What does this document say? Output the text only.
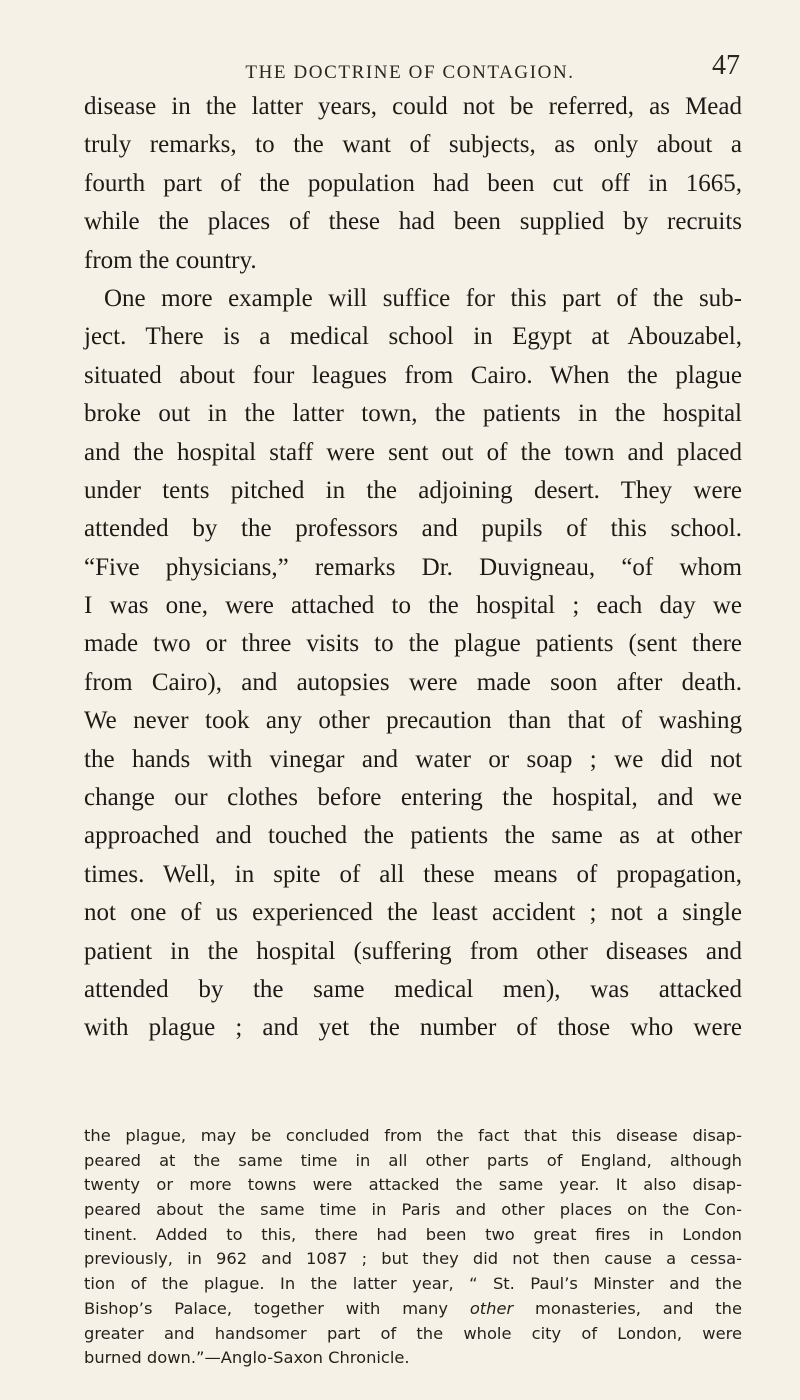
THE DOCTRINE OF CONTAGION.	47
disease in the latter years, could not be referred, as Mead
truly remarks, to the want of subjects, as only about a
fourth part of the population had been cut off in 1665,
while the places of these had been supplied by recruits
from the country.
One more example will suffice for this part of the sub-
ject. There is a medical school in Egypt at Abouzabel,
situated about four leagues from Cairo. When the plague
broke out in the latter town, the patients in the hospital
and the hospital staff were sent out of the town and placed
under tents pitched in the adjoining desert. They were
attended by the professors and pupils of this school.
“Five physicians,” remarks Dr. Duvigneau, “of whom
I was one, were attached to the hospital ; each day we
made two or three visits to the plague patients (sent there
from Cairo), and autopsies were made soon after death.
We never took any other precaution than that of washing
the hands with vinegar and water or soap ; we did not
change our clothes before entering the hospital, and we
approached and touched the patients the same as at other
times. Well, in spite of all these means of propagation,
not one of us experienced the least accident ; not a single
patient in the hospital (suffering from other diseases and
attended by the same medical men), was attacked
with plague ; and yet the number of those who were
the plague, may be concluded from the fact that this disease disap-
peared at the same time in all other parts of England, although
twenty or more towns were attacked the same year. It also disap-
peared about the same time in Paris and other places on the Con-
tinent. Added to this, there had been two great fires in London
previously, in 962 and 1087 ; but they did not then cause a cessa-
tion of the plague. In the latter year, “ St. Paul’s Minster and the
Bishop’s Palace, together with many other monasteries, and the
greater and handsomer part of the whole city of London, were
burned down.”—Anglo-Saxon Chronicle.
